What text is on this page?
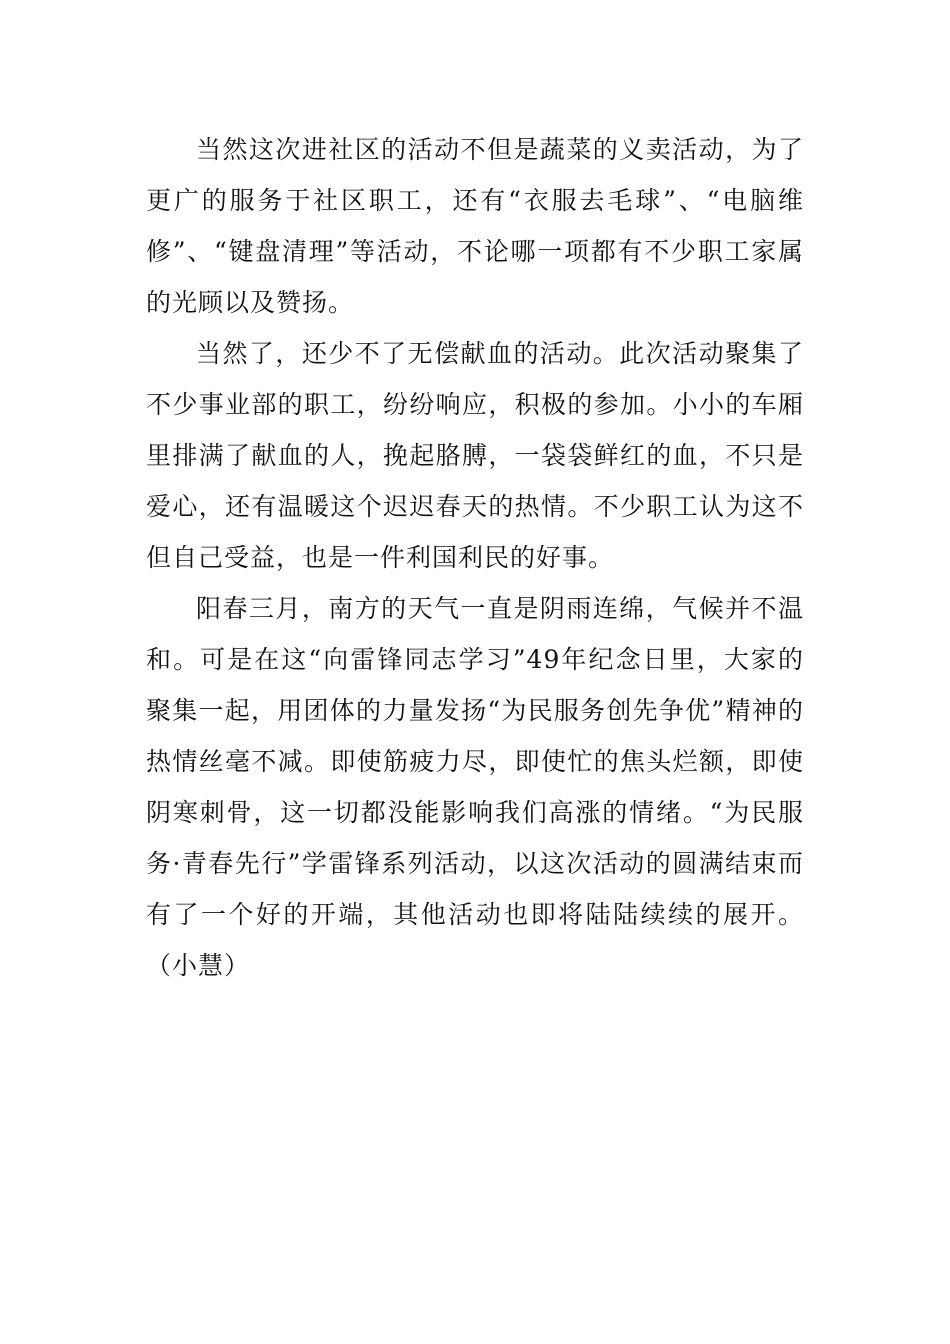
当然这次进社区的活动不但是蔬菜的义卖活动，为了更广的服务于社区职工，还有“衣服去毛球”、“电脑维修”、“键盘清理”等活动，不论哪一项都有不少职工家属的光顾以及赞扬。

当然了，还少不了无偿献血的活动。此次活动聚集了不少事业部的职工，纷纷响应，积极的参加。小小的车厢里排满了献血的人，挽起胳膊，一袋袋鲜红的血，不只是爱心，还有温暖这个迟迟春天的热情。不少职工认为这不但自己受益，也是一件利国利民的好事。

阳春三月，南方的天气一直是阴雨连绵，气候并不温和。可是在这“向雷锋同志学习”49年纪念日里，大家的聚集一起，用团体的力量发扬“为民服务创先争优”精神的热情丝毫不减。即使筋疲力尽，即使忙的焦头烂额，即使阴寒刺骨，这一切都没能影响我们高涨的情绪。“为民服务·青春先行”学雷锋系列活动，以这次活动的圆满结束而有了一个好的开端，其他活动也即将陆陆续续的展开。（小慧）
